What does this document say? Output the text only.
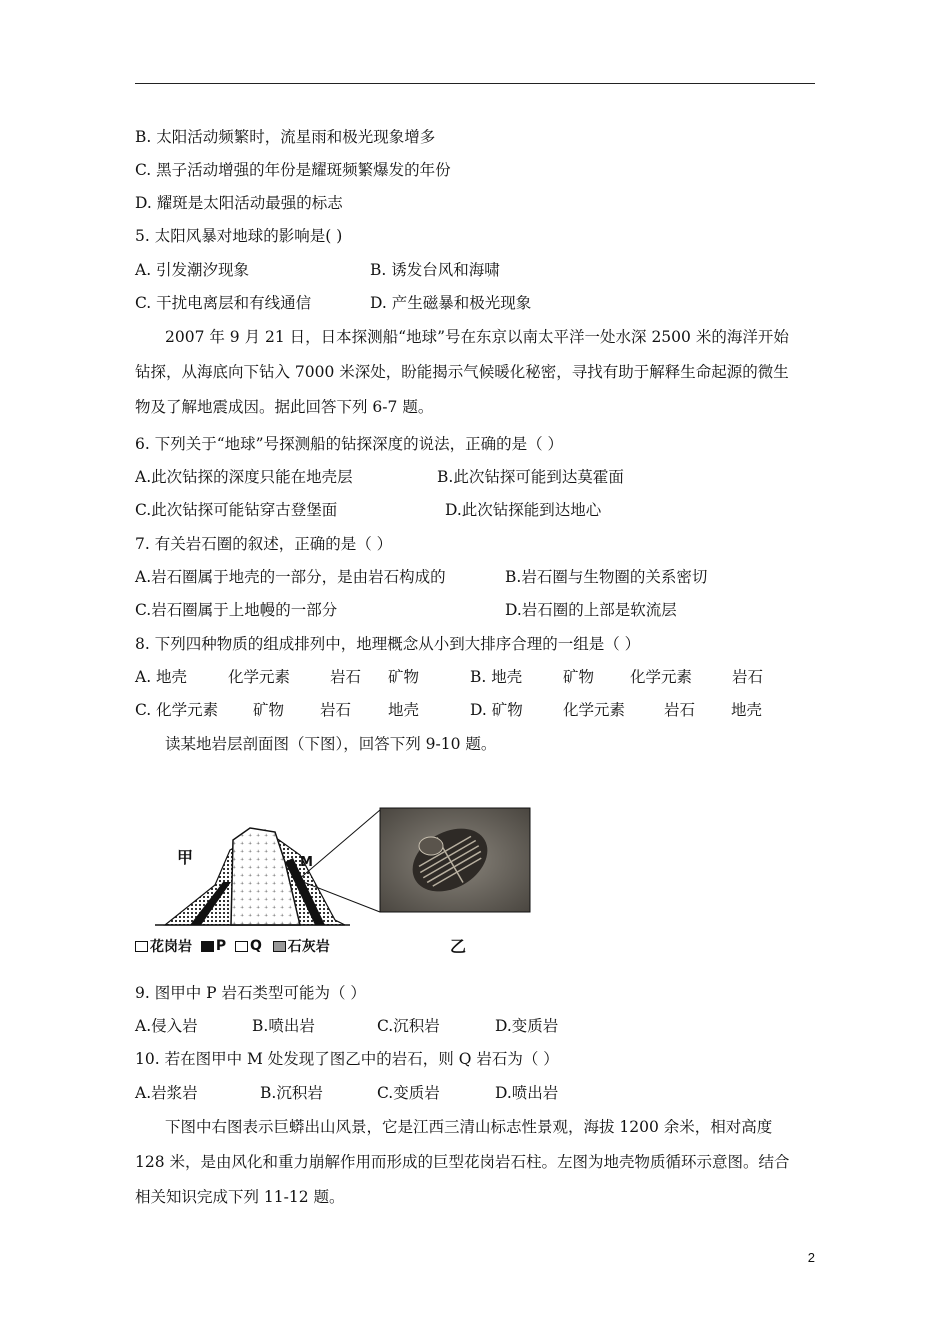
B. 太阳活动频繁时，流星雨和极光现象增多
C. 黑子活动增强的年份是耀斑频繁爆发的年份
D. 耀斑是太阳活动最强的标志
5. 太阳风暴对地球的影响是( )
A. 引发潮汐现象	B. 诱发台风和海啸
C. 干扰电离层和有线通信	D. 产生磁暴和极光现象
2007 年 9 月 21 日，日本探测船“地球”号在东京以南太平洋一处水深 2500 米的海洋开始
钻探，从海底向下钻入 7000 米深处，盼能揭示气候暖化秘密，寻找有助于解释生命起源的微生
物及了解地震成因。据此回答下列 6-7 题。
6. 下列关于“地球”号探测船的钻探深度的说法，正确的是（ ）
A.此次钻探的深度只能在地壳层	B.此次钻探可能到达莫霍面
C.此次钻探可能钻穿古登堡面	D.此次钻探能到达地心
7. 有关岩石圈的叙述，正确的是（ ）
A.岩石圈属于地壳的一部分，是由岩石构成的	B.岩石圈与生物圈的关系密切
C.岩石圈属于上地幔的一部分	D.岩石圈的上部是软流层
8. 下列四种物质的组成排列中，地理概念从小到大排序合理的一组是（ ）
A. 地壳	化学元素	岩石 矿物	B. 地壳	矿物 化学元素	岩石
C. 化学元素 矿物 岩石 地壳	D. 矿物	化学元素	岩石 地壳
读某地岩层剖面图（下图），回答下列 9-10 题。
甲	M
花岗岩 P Q 石灰岩	乙
9. 图甲中 P 岩石类型可能为（ ）
A.侵入岩	B.喷出岩	C.沉积岩	D.变质岩
10. 若在图甲中 M 处发现了图乙中的岩石，则 Q 岩石为（ ）
A.岩浆岩	B.沉积岩	C.变质岩	D.喷出岩
下图中右图表示巨蟒出山风景，它是江西三清山标志性景观，海拔 1200 余米，相对高度
128 米，是由风化和重力崩解作用而形成的巨型花岗岩石柱。左图为地壳物质循环示意图。结合
相关知识完成下列 11-12 题。
2
